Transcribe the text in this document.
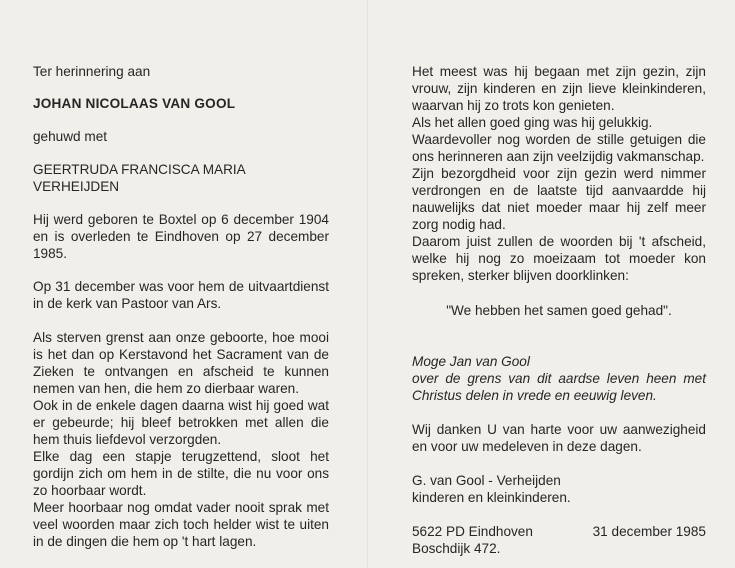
Ter herinnering aan

JOHAN NICOLAAS VAN GOOL

gehuwd met

GEERTRUDA FRANCISCA MARIA
VERHEIJDEN

Hij werd geboren te Boxtel op 6 december 1904 en is overleden te Eindhoven op 27 december 1985.

Op 31 december was voor hem de uitvaartdienst in de kerk van Pastoor van Ars.

Als sterven grenst aan onze geboorte, hoe mooi is het dan op Kerstavond het Sacrament van de Zieken te ontvangen en afscheid te kunnen nemen van hen, die hem zo dierbaar waren.

Ook in de enkele dagen daarna wist hij goed wat er gebeurde; hij bleef betrokken met allen die hem thuis liefdevol verzorgden.

Elke dag een stapje terugzettend, sloot het gordijn zich om hem in de stilte, die nu voor ons zo hoorbaar wordt.

Meer hoorbaar nog omdat vader nooit sprak met veel woorden maar zich toch helder wist te uiten in de dingen die hem op 't hart lagen.

Het meest was hij begaan met zijn gezin, zijn vrouw, zijn kinderen en zijn lieve kleinkinderen, waarvan hij zo trots kon genieten.

Als het allen goed ging was hij gelukkig.

Waardevoller nog worden de stille getuigen die ons herinneren aan zijn veelzijdig vakmanschap.

Zijn bezorgdheid voor zijn gezin werd nimmer verdrongen en de laatste tijd aanvaardde hij nauwelijks dat niet moeder maar hij zelf meer zorg nodig had.

Daarom juist zullen de woorden bij 't afscheid, welke hij nog zo moeizaam tot moeder kon spreken, sterker blijven doorklinken:

"We hebben het samen goed gehad".

Moge Jan van Gool
over de grens van dit aardse leven heen met Christus delen in vrede en eeuwig leven.

Wij danken U van harte voor uw aanwezigheid en voor uw medeleven in deze dagen.

G. van Gool - Verheijden
kinderen en kleinkinderen.

5622 PD Eindhoven	31 december 1985

Boschdijk 472.
